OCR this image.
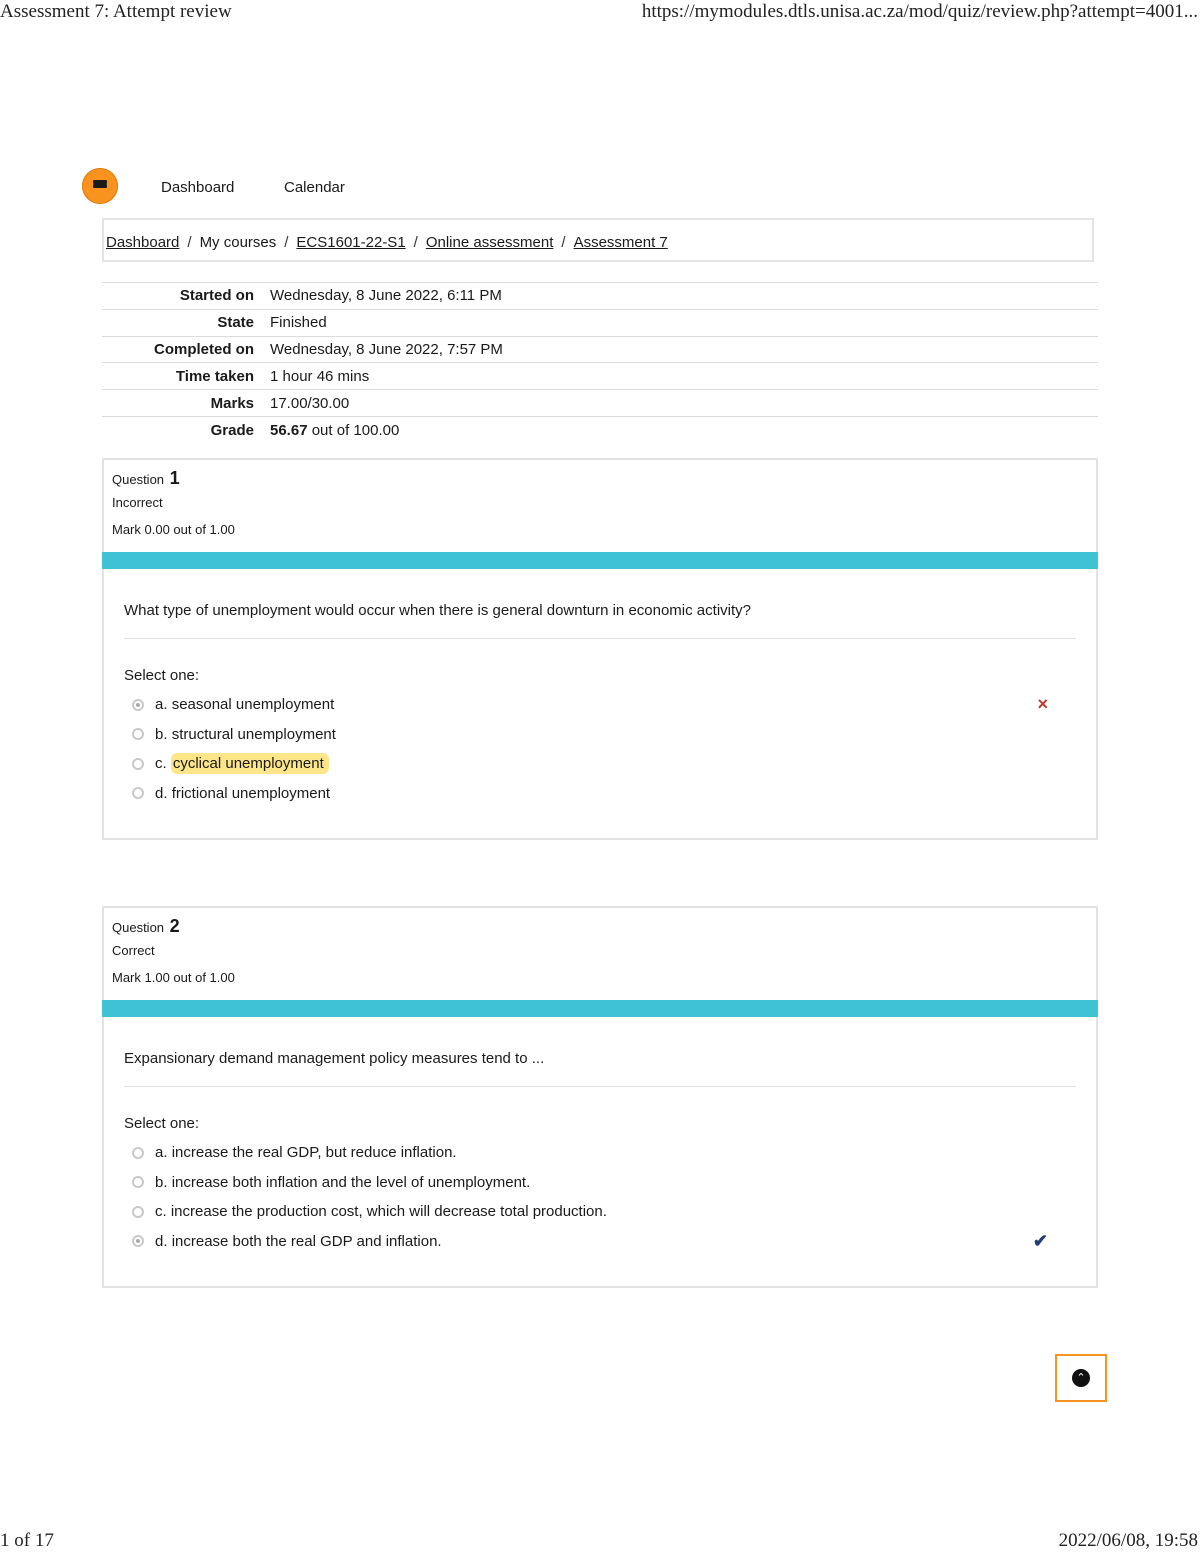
Assessment 7: Attempt review	https://mymodules.dtls.unisa.ac.za/mod/quiz/review.php?attempt=4001...
Dashboard	Calendar
Dashboard / My courses / ECS1601-22-S1 / Online assessment / Assessment 7
Started on	Wednesday, 8 June 2022, 6:11 PM
State	Finished
Completed on	Wednesday, 8 June 2022, 7:57 PM
Time taken	1 hour 46 mins
Marks	17.00/30.00
Grade	56.67 out of 100.00
Question 1
Incorrect
Mark 0.00 out of 1.00
What type of unemployment would occur when there is general downturn in economic activity?
Select one:
a.
seasonal unemployment	×
b.
structural unemployment
c.
cyclical unemployment
d.
frictional unemployment
Question 2
Correct
Mark 1.00 out of 1.00
Expansionary demand management policy measures tend to ...
Select one:
a.
increase the real GDP, but reduce inflation.
b.
increase both inflation and the level of unemployment.
c.
increase the production cost, which will decrease total production.
d.
increase both the real GDP and inflation.	✔
⌃
1 of 17	2022/06/08, 19:58
